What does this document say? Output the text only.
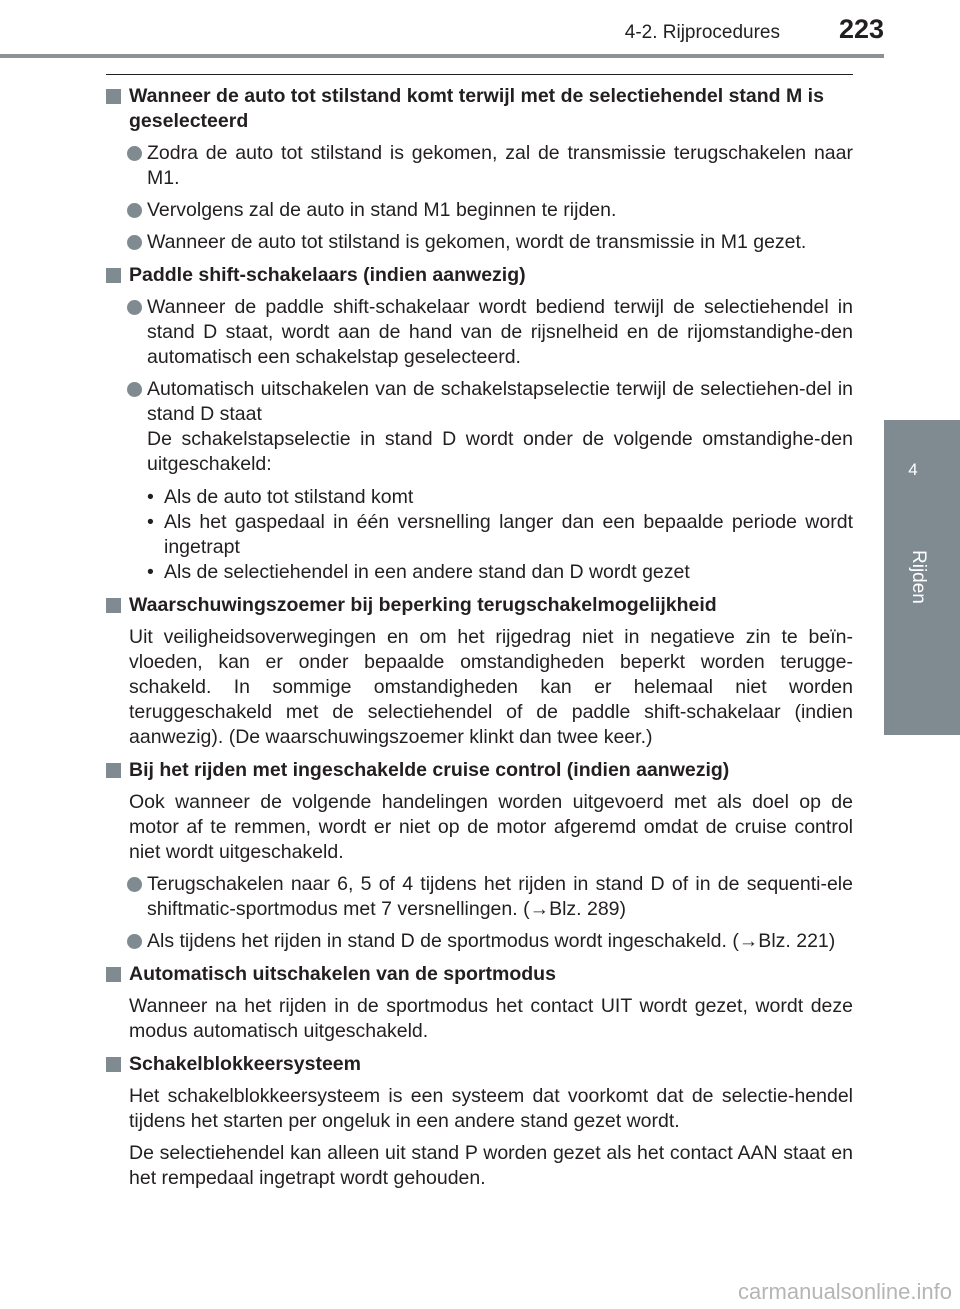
4-2. Rijprocedures	223
4
Rijden
Wanneer de auto tot stilstand komt terwijl met de selectiehendel stand M is geselecteerd
Zodra de auto tot stilstand is gekomen, zal de transmissie terugschakelen naar M1.
Vervolgens zal de auto in stand M1 beginnen te rijden.
Wanneer de auto tot stilstand is gekomen, wordt de transmissie in M1 gezet.
Paddle shift-schakelaars (indien aanwezig)
Wanneer de paddle shift-schakelaar wordt bediend terwijl de selectiehendel in stand D staat, wordt aan de hand van de rijsnelheid en de rijomstandighe-den automatisch een schakelstap geselecteerd.
Automatisch uitschakelen van de schakelstapselectie terwijl de selectiehen-del in stand D staat
De schakelstapselectie in stand D wordt onder de volgende omstandighe-den uitgeschakeld:
• Als de auto tot stilstand komt
• Als het gaspedaal in één versnelling langer dan een bepaalde periode wordt ingetrapt
• Als de selectiehendel in een andere stand dan D wordt gezet
Waarschuwingszoemer bij beperking terugschakelmogelijkheid
Uit veiligheidsoverwegingen en om het rijgedrag niet in negatieve zin te beïn-vloeden, kan er onder bepaalde omstandigheden beperkt worden terugge-schakeld. In sommige omstandigheden kan er helemaal niet worden teruggeschakeld met de selectiehendel of de paddle shift-schakelaar (indien aanwezig). (De waarschuwingszoemer klinkt dan twee keer.)
Bij het rijden met ingeschakelde cruise control (indien aanwezig)
Ook wanneer de volgende handelingen worden uitgevoerd met als doel op de motor af te remmen, wordt er niet op de motor afgeremd omdat de cruise control niet wordt uitgeschakeld.
Terugschakelen naar 6, 5 of 4 tijdens het rijden in stand D of in de sequenti-ele shiftmatic-sportmodus met 7 versnellingen. (→Blz. 289)
Als tijdens het rijden in stand D de sportmodus wordt ingeschakeld. (→Blz. 221)
Automatisch uitschakelen van de sportmodus
Wanneer na het rijden in de sportmodus het contact UIT wordt gezet, wordt deze modus automatisch uitgeschakeld.
Schakelblokkeersysteem
Het schakelblokkeersysteem is een systeem dat voorkomt dat de selectie-hendel tijdens het starten per ongeluk in een andere stand gezet wordt.
De selectiehendel kan alleen uit stand P worden gezet als het contact AAN staat en het rempedaal ingetrapt wordt gehouden.
carmanualsonline.info
